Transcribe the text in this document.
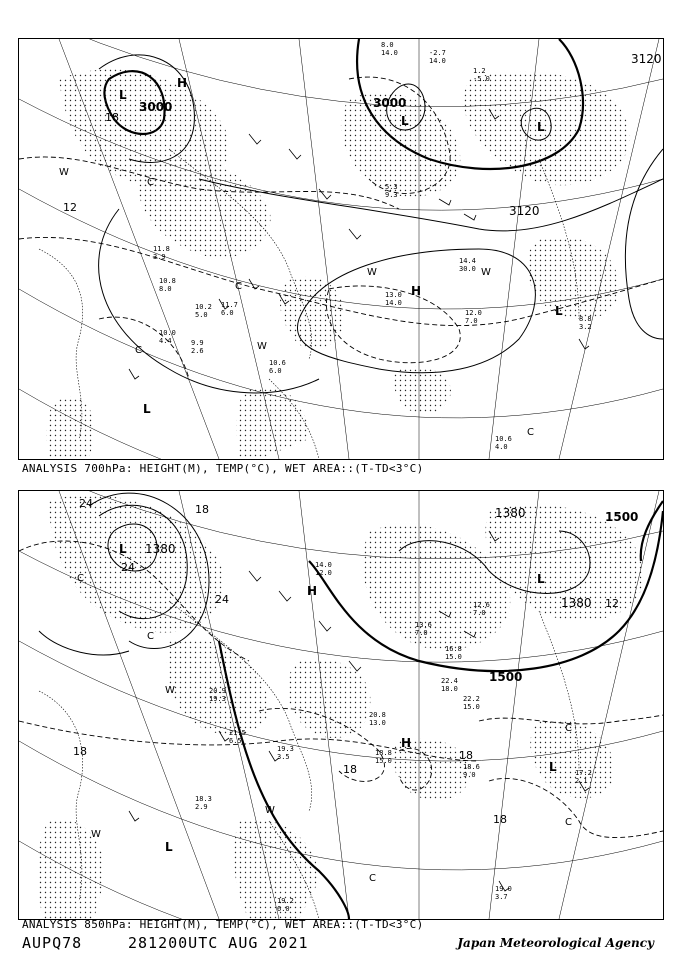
3000	3000
3120
3120
12
18
L
H
L	L
H
L
L
W
W	W
W
C
C
C
C
8.0
14.0	-2.7
14.0
1.2
-5.0
11.8
3.9
10.8
8.0
14.4
30.0
12.0
7.0
10.6
6.0
10.0
4.4	9.9
2.6
8.8
3.2
10.6
4.0
13.0
14.0
11.7
6.0
10.2
5.0
5.3
9.3
ANALYSIS 700hPa: HEIGHT(M), TEMP(°C), WET AREA::(T-TD<3°C)
1380
1380	1500
1500
1380
24
24
24
18
18
18
18
18
12
L
H
L
H
L
L
W
W
W
C
C
C
C
C
20.9
19.3
21.5
6.5
19.3
3.5
20.8
13.0
18.8
15.0
22.4
18.0
18.6
9.0	17.2
2.1
19.0
3.7
18.3
2.9
19.2
6.0
14.0
12.0
12.6
7.0
13.6
7.0
16.8
15.0
22.2
15.0
ANALYSIS 850hPa: HEIGHT(M), TEMP(°C), WET AREA::(T-TD<3°C)
AUPQ78	281200UTC AUG 2021	Japan Meteorological Agency
